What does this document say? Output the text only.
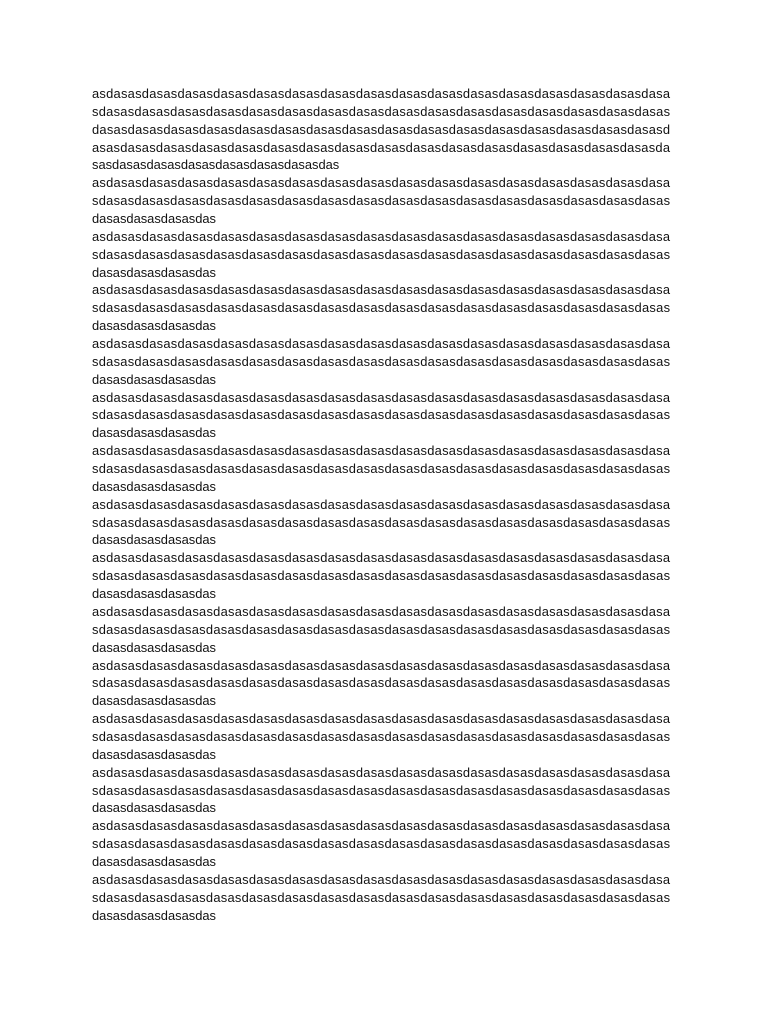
asdasasdasasdasasdasasdasasdasasdasasdasasdasasdasasdasasdasasdasasdasasdasasdasa
sdasasdasasdasasdasasdasasdasasdasasdasasdasasdasasdasasdasasdasasdasasdasasdasas
dasasdasasdasasdasasdasasdasasdasasdasasdasasdasasdasasdasasdasasdasasdasasdasasd
asasdasasdasasdasasdasasdasasdasasdasasdasasdasasdasasdasasdasasdasasdasasdasasda
sasdasasdasasdasasdasasdasasdasasdas
asdasasdasasdasasdasasdasasdasasdasasdasasdasasdasasdasasdasasdasasdasasdasasdasa
sdasasdasasdasasdasasdasasdasasdasasdasasdasasdasasdasasdasasdasasdasasdasasdasas
dasasdasasdasasdas
asdasasdasasdasasdasasdasasdasasdasasdasasdasasdasasdasasdasasdasasdasasdasasdasa
sdasasdasasdasasdasasdasasdasasdasasdasasdasasdasasdasasdasasdasasdasasdasasdasas
dasasdasasdasasdas
asdasasdasasdasasdasasdasasdasasdasasdasasdasasdasasdasasdasasdasasdasasdasasdasa
sdasasdasasdasasdasasdasasdasasdasasdasasdasasdasasdasasdasasdasasdasasdasasdasas
dasasdasasdasasdas
asdasasdasasdasasdasasdasasdasasdasasdasasdasasdasasdasasdasasdasasdasasdasasdasa
sdasasdasasdasasdasasdasasdasasdasasdasasdasasdasasdasasdasasdasasdasasdasasdasas
dasasdasasdasasdas
asdasasdasasdasasdasasdasasdasasdasasdasasdasasdasasdasasdasasdasasdasasdasasdasa
sdasasdasasdasasdasasdasasdasasdasasdasasdasasdasasdasasdasasdasasdasasdasasdasas
dasasdasasdasasdas
asdasasdasasdasasdasasdasasdasasdasasdasasdasasdasasdasasdasasdasasdasasdasasdasa
sdasasdasasdasasdasasdasasdasasdasasdasasdasasdasasdasasdasasdasasdasasdasasdasas
dasasdasasdasasdas
asdasasdasasdasasdasasdasasdasasdasasdasasdasasdasasdasasdasasdasasdasasdasasdasa
sdasasdasasdasasdasasdasasdasasdasasdasasdasasdasasdasasdasasdasasdasasdasasdasas
dasasdasasdasasdas
asdasasdasasdasasdasasdasasdasasdasasdasasdasasdasasdasasdasasdasasdasasdasasdasa
sdasasdasasdasasdasasdasasdasasdasasdasasdasasdasasdasasdasasdasasdasasdasasdasas
dasasdasasdasasdas
asdasasdasasdasasdasasdasasdasasdasasdasasdasasdasasdasasdasasdasasdasasdasasdasa
sdasasdasasdasasdasasdasasdasasdasasdasasdasasdasasdasasdasasdasasdasasdasasdasas
dasasdasasdasasdas
asdasasdasasdasasdasasdasasdasasdasasdasasdasasdasasdasasdasasdasasdasasdasasdasa
sdasasdasasdasasdasasdasasdasasdasasdasasdasasdasasdasasdasasdasasdasasdasasdasas
dasasdasasdasasdas
asdasasdasasdasasdasasdasasdasasdasasdasasdasasdasasdasasdasasdasasdasasdasasdasa
sdasasdasasdasasdasasdasasdasasdasasdasasdasasdasasdasasdasasdasasdasasdasasdasas
dasasdasasdasasdas
asdasasdasasdasasdasasdasasdasasdasasdasasdasasdasasdasasdasasdasasdasasdasasdasa
sdasasdasasdasasdasasdasasdasasdasasdasasdasasdasasdasasdasasdasasdasasdasasdasas
dasasdasasdasasdas
asdasasdasasdasasdasasdasasdasasdasasdasasdasasdasasdasasdasasdasasdasasdasasdasa
sdasasdasasdasasdasasdasasdasasdasasdasasdasasdasasdasasdasasdasasdasasdasasdasas
dasasdasasdasasdas
asdasasdasasdasasdasasdasasdasasdasasdasasdasasdasasdasasdasasdasasdasasdasasdasa
sdasasdasasdasasdasasdasasdasasdasasdasasdasasdasasdasasdasasdasasdasasdasasdasas
dasasdasasdasasdas
